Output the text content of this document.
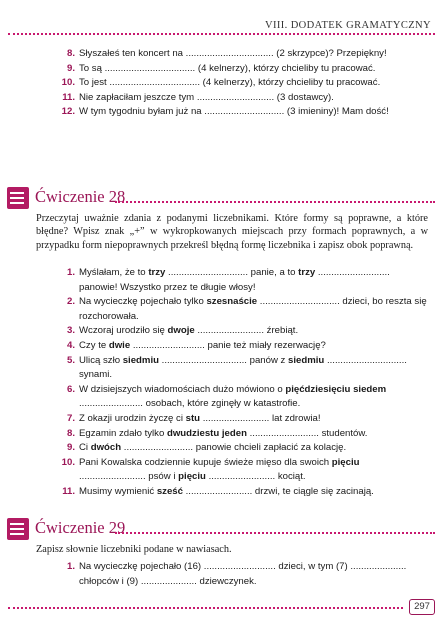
VIII. DODATEK GRAMATYCZNY
8. Słyszałeś ten koncert na ................................. (2 skrzypce)? Przepiękny!
9. To są .................................. (4 kelnerzy), którzy chcieliby tu pracować.
10. To jest .................................. (4 kelnerzy), którzy chcieliby tu pracować.
11. Nie zapłaciłam jeszcze tym ............................. (3 dostawcy).
12. W tym tygodniu byłam już na .............................. (3 imieniny)! Mam dość!
Ćwiczenie 28
Przeczytaj uważnie zdania z podanymi liczebnikami. Które formy są poprawne, a które błędne? Wpisz znak „+” w wykropkowanych miejscach przy formach poprawnych, a w przypadku form niepoprawnych przekreśl błędną formę liczebnika i zapisz obok poprawną.
1. Myślałam, że to trzy .............................. panie, a to trzy ........................... panowie! Wszystko przez te długie włosy!
2. Na wycieczkę pojechało tylko szesnaście .............................. dzieci, bo reszta się rozchorowała.
3. Wczoraj urodziło się dwoje ......................... źrebiąt.
4. Czy te dwie ........................... panie też miały rezerwację?
5. Ulicą szło siedmiu ................................ panów z siedmiu .............................. synami.
6. W dzisiejszych wiadomościach dużo mówiono o pięćdziesięciu siedem ........................ osobach, które zginęły w katastrofie.
7. Z okazji urodzin życzę ci stu ......................... lat zdrowia!
8. Egzamin zdało tylko dwudziestu jeden .......................... studentów.
9. Ci dwóch .......................... panowie chcieli zapłacić za kolację.
10. Pani Kowalska codziennie kupuje świeże mięso dla swoich pięciu ......................... psów i pięciu ......................... kociąt.
11. Musimy wymienić sześć ......................... drzwi, te ciągle się zacinają.
Ćwiczenie 29
Zapisz słownie liczebniki podane w nawiasach.
1. Na wycieczkę pojechało (16) ........................... dzieci, w tym (7) ..................... chłopców i (9) ..................... dziewczynek.
297
